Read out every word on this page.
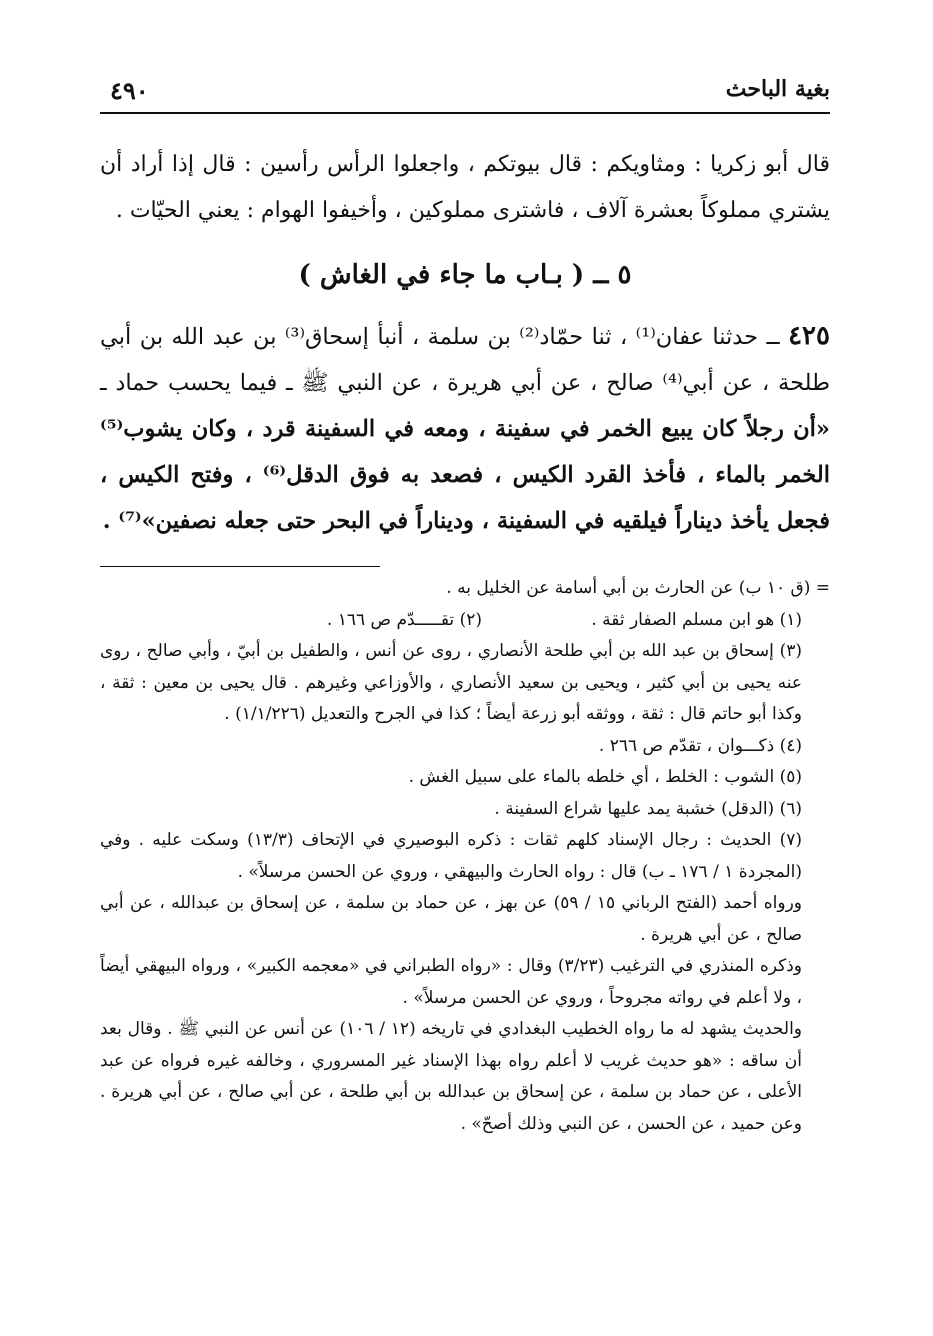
بغية الباحث
٤٩٠

قال أبو زكريا : ومثاويكم : قال بيوتكم ، واجعلوا الرأس رأسين : قال إذا أراد أن يشتري مملوكاً بعشرة آلاف ، فاشترى مملوكين ، وأخيفوا الهوام : يعني الحيّات .

٥ ــ ( بـاب ما جاء في الغاش )

٤٢٥ ــ حدثنا عفان⁽¹⁾ ، ثنا حمّاد⁽²⁾ بن سلمة ، أنبأ إسحاق⁽³⁾ بن عبد الله بن أبي طلحة ، عن أبي⁽⁴⁾ صالح ، عن أبي هريرة ، عن النبي ﷺ ـ فيما يحسب حماد ـ «أن رجلاً كان يبيع الخمر في سفينة ، ومعه في السفينة قرد ، وكان يشوب⁽⁵⁾ الخمر بالماء ، فأخذ القرد الكيس ، فصعد به فوق الدقل⁽⁶⁾ ، وفتح الكيس ، فجعل يأخذ ديناراً فيلقيه في السفينة ، وديناراً في البحر حتى جعله نصفين»⁽⁷⁾ .

= (ق ١٠ ب) عن الحارث بن أبي أسامة عن الخليل به .

(١) هو ابن مسلم الصفار ثقة .
(٢) تقـــــدّم ص ١٦٦ .

(٣) إسحاق بن عبد الله بن أبي طلحة الأنصاري ، روى عن أنس ، والطفيل بن أبيّ ، وأبي صالح ، روى عنه يحيى بن أبي كثير ، ويحيى بن سعيد الأنصاري ، والأوزاعي وغيرهم . قال يحيى بن معين : ثقة ، وكذا أبو حاتم قال : ثقة ، ووثقه أبو زرعة أيضاً ؛ كذا في الجرح والتعديل (١/١/٢٢٦) .

(٤) ذكـــوان ، تقدّم ص ٢٦٦ .

(٥) الشوب : الخلط ، أي خلطه بالماء على سبيل الغش .

(٦) (الدقل) خشبة يمد عليها شراع السفينة .

(٧) الحديث : رجال الإسناد كلهم ثقات : ذكره البوصيري في الإتحاف (١٣/٣) وسكت عليه . وفي (المجردة ١ / ١٧٦ ـ ب) قال : رواه الحارث والبيهقي ، وروي عن الحسن مرسلاً» .

ورواه أحمد (الفتح الرباني ١٥ / ٥٩) عن بهز ، عن حماد بن سلمة ، عن إسحاق بن عبدالله ، عن أبي صالح ، عن أبي هريرة .

وذكره المنذري في الترغيب (٣/٢٣) وقال : «رواه الطبراني في «معجمه الكبير» ، ورواه البيهقي أيضاً ، ولا أعلم في رواته مجروحاً ، وروي عن الحسن مرسلاً» .

والحديث يشهد له ما رواه الخطيب البغدادي في تاريخه (١٢ / ١٠٦) عن أنس عن النبي ﷺ . وقال بعد أن ساقه : «هو حديث غريب لا أعلم رواه بهذا الإسناد غير المسروري ، وخالفه غيره فرواه عن عبد الأعلى ، عن حماد بن سلمة ، عن إسحاق بن عبدالله بن أبي طلحة ، عن أبي صالح ، عن أبي هريرة . وعن حميد ، عن الحسن ، عن النبي وذلك أصحّ» .
